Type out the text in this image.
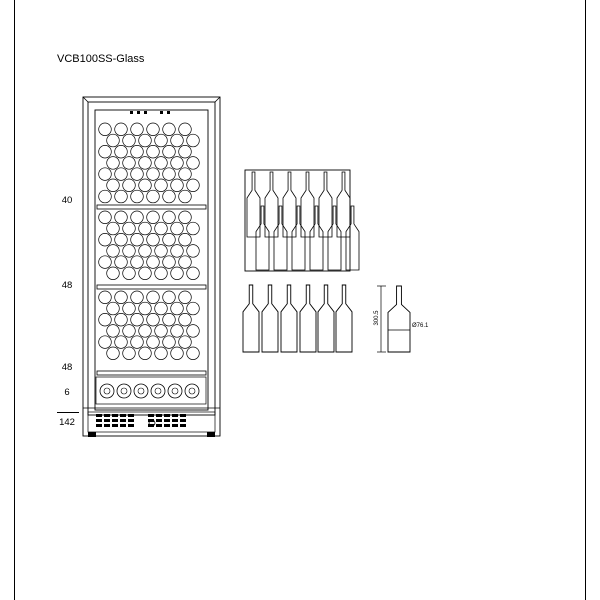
VCB100SS-Glass
40
48
48
6
142
300.5
Ø76.1
